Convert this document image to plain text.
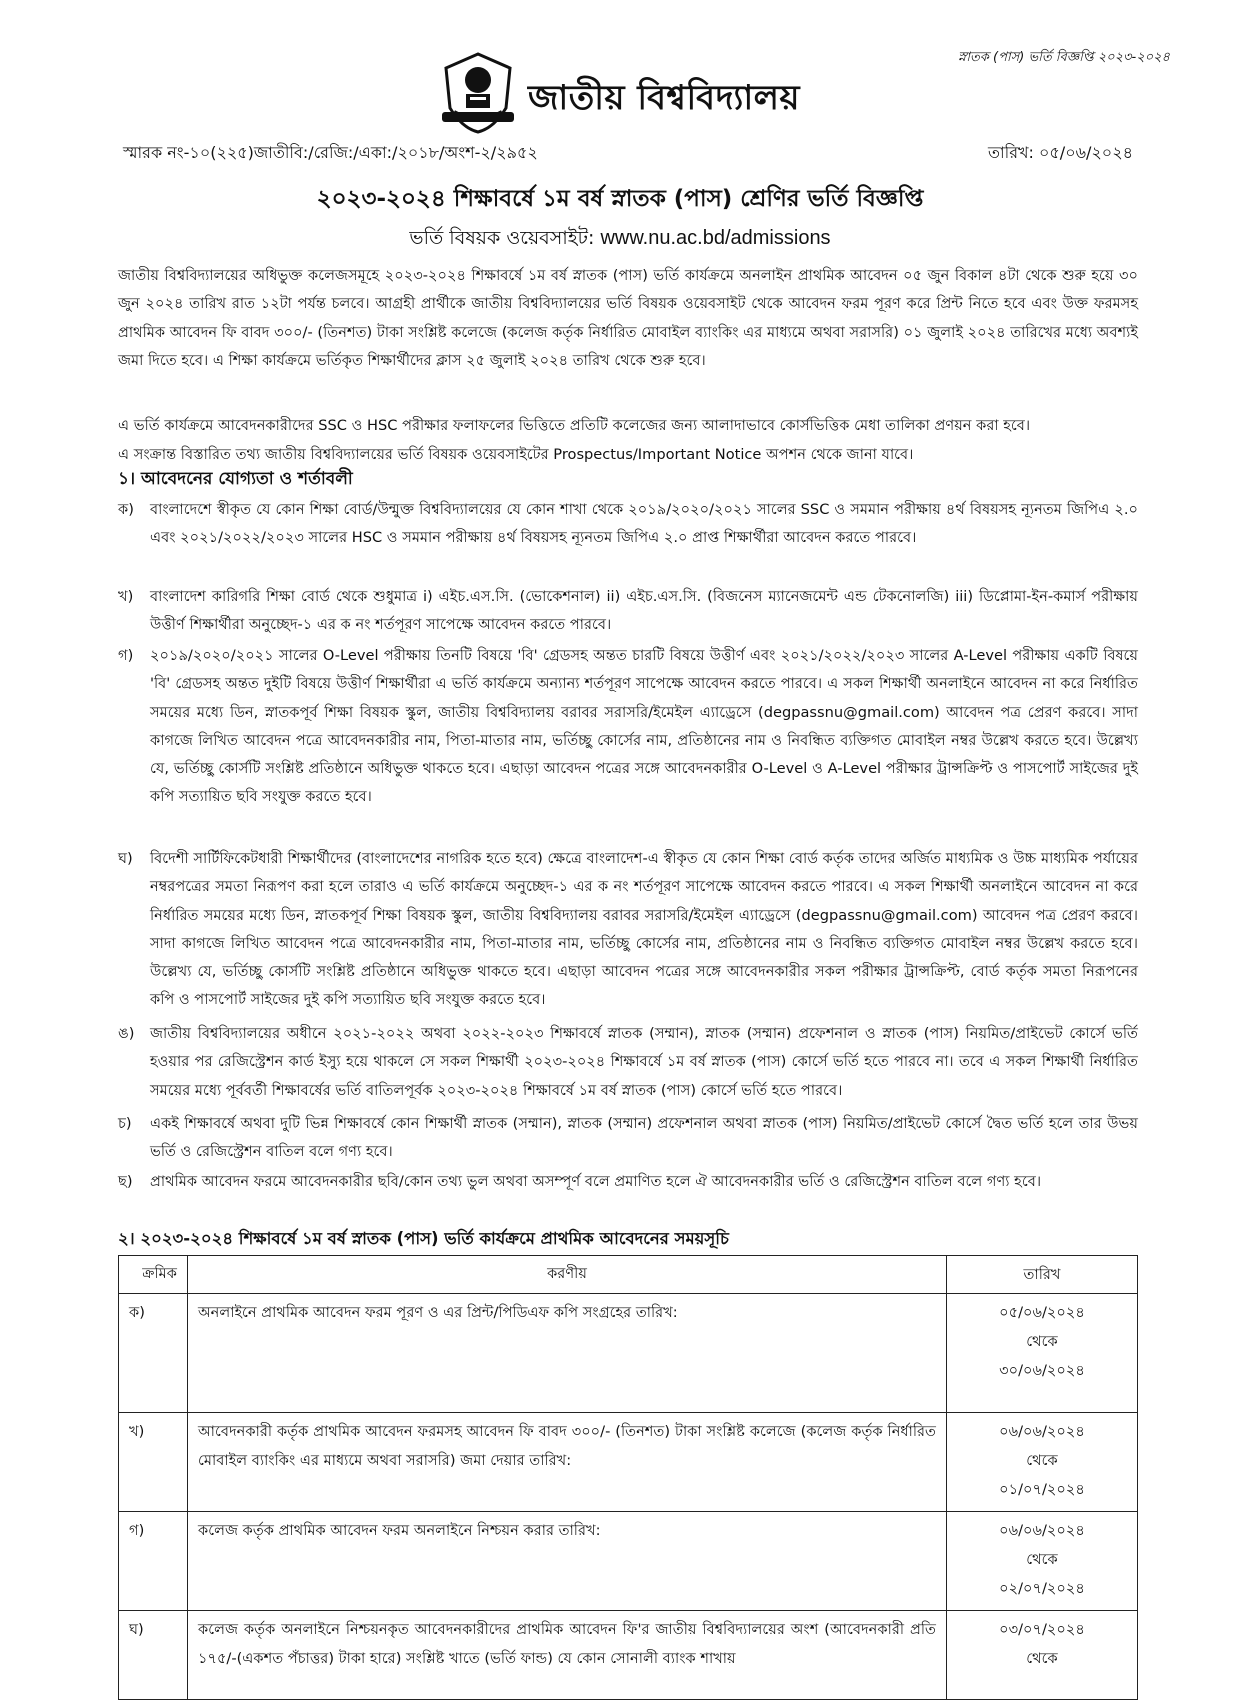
স্নাতক (পাস) ভর্তি বিজ্ঞপ্তি ২০২৩-২০২৪
জাতীয় বিশ্ববিদ্যালয়
স্মারক নং-১০(২২৫)জাতীবি:/রেজি:/একা:/২০১৮/অংশ-২/২৯৫২	তারিখ: ০৫/০৬/২০২৪
২০২৩-২০২৪ শিক্ষাবর্ষে ১ম বর্ষ স্নাতক (পাস) শ্রেণির ভর্তি বিজ্ঞপ্তি
ভর্তি বিষয়ক ওয়েবসাইট: www.nu.ac.bd/admissions
জাতীয় বিশ্ববিদ্যালয়ের অধিভুক্ত কলেজসমূহে ২০২৩-২০২৪ শিক্ষাবর্ষে ১ম বর্ষ স্নাতক (পাস) ভর্তি কার্যক্রমে অনলাইন প্রাথমিক আবেদন ০৫ জুন বিকাল ৪টা থেকে শুরু হয়ে ৩০ জুন ২০২৪ তারিখ রাত ১২টা পর্যন্ত চলবে। আগ্রহী প্রার্থীকে জাতীয় বিশ্ববিদ্যালয়ের ভর্তি বিষয়ক ওয়েবসাইট থেকে আবেদন ফরম পূরণ করে প্রিন্ট নিতে হবে এবং উক্ত ফরমসহ প্রাথমিক আবেদন ফি বাবদ ৩০০/- (তিনশত) টাকা সংশ্লিষ্ট কলেজে (কলেজ কর্তৃক নির্ধারিত মোবাইল ব্যাংকিং এর মাধ্যমে অথবা সরাসরি) ০১ জুলাই ২০২৪ তারিখের মধ্যে অবশ্যই জমা দিতে হবে। এ শিক্ষা কার্যক্রমে ভর্তিকৃত শিক্ষার্থীদের ক্লাস ২৫ জুলাই ২০২৪ তারিখ থেকে শুরু হবে।
এ ভর্তি কার্যক্রমে আবেদনকারীদের SSC ও HSC পরীক্ষার ফলাফলের ভিত্তিতে প্রতিটি কলেজের জন্য আলাদাভাবে কোর্সভিত্তিক মেধা তালিকা প্রণয়ন করা হবে।
এ সংক্রান্ত বিস্তারিত তথ্য জাতীয় বিশ্ববিদ্যালয়ের ভর্তি বিষয়ক ওয়েবসাইটের Prospectus/Important Notice অপশন থেকে জানা যাবে।
১। আবেদনের যোগ্যতা ও শর্তাবলী
ক)	বাংলাদেশে স্বীকৃত যে কোন শিক্ষা বোর্ড/উন্মুক্ত বিশ্ববিদ্যালয়ের যে কোন শাখা থেকে ২০১৯/২০২০/২০২১ সালের SSC ও সমমান পরীক্ষায় ৪র্থ বিষয়সহ ন্যূনতম জিপিএ ২.০ এবং ২০২১/২০২২/২০২৩ সালের HSC ও সমমান পরীক্ষায় ৪র্থ বিষয়সহ ন্যূনতম জিপিএ ২.০ প্রাপ্ত শিক্ষার্থীরা আবেদন করতে পারবে।
খ)	বাংলাদেশ কারিগরি শিক্ষা বোর্ড থেকে শুধুমাত্র i) এইচ.এস.সি. (ভোকেশনাল) ii) এইচ.এস.সি. (বিজনেস ম্যানেজমেন্ট এন্ড টেকনোলজি) iii) ডিপ্লোমা-ইন-কমার্স পরীক্ষায় উত্তীর্ণ শিক্ষার্থীরা অনুচ্ছেদ-১ এর ক নং শর্তপূরণ সাপেক্ষে আবেদন করতে পারবে।
গ)	২০১৯/২০২০/২০২১ সালের O-Level পরীক্ষায় তিনটি বিষয়ে 'বি' গ্রেডসহ অন্তত চারটি বিষয়ে উত্তীর্ণ এবং ২০২১/২০২২/২০২৩ সালের A-Level পরীক্ষায় একটি বিষয়ে 'বি' গ্রেডসহ অন্তত দুইটি বিষয়ে উত্তীর্ণ শিক্ষার্থীরা এ ভর্তি কার্যক্রমে অন্যান্য শর্তপূরণ সাপেক্ষে আবেদন করতে পারবে। এ সকল শিক্ষার্থী অনলাইনে আবেদন না করে নির্ধারিত সময়ের মধ্যে ডিন, স্নাতকপূর্ব শিক্ষা বিষয়ক স্কুল, জাতীয় বিশ্ববিদ্যালয় বরাবর সরাসরি/ইমেইল এ্যাড্রেসে (degpassnu@gmail.com) আবেদন পত্র প্রেরণ করবে। সাদা কাগজে লিখিত আবেদন পত্রে আবেদনকারীর নাম, পিতা-মাতার নাম, ভর্তিচ্ছু কোর্সের নাম, প্রতিষ্ঠানের নাম ও নিবন্ধিত ব্যক্তিগত মোবাইল নম্বর উল্লেখ করতে হবে। উল্লেখ্য যে, ভর্তিচ্ছু কোর্সটি সংশ্লিষ্ট প্রতিষ্ঠানে অধিভুক্ত থাকতে হবে। এছাড়া আবেদন পত্রের সঙ্গে আবেদনকারীর O-Level ও A-Level পরীক্ষার ট্রান্সক্রিপ্ট ও পাসপোর্ট সাইজের দুই কপি সত্যায়িত ছবি সংযুক্ত করতে হবে।
ঘ)	বিদেশী সার্টিফিকেটধারী শিক্ষার্থীদের (বাংলাদেশের নাগরিক হতে হবে) ক্ষেত্রে বাংলাদেশ-এ স্বীকৃত যে কোন শিক্ষা বোর্ড কর্তৃক তাদের অর্জিত মাধ্যমিক ও উচ্চ মাধ্যমিক পর্যায়ের নম্বরপত্রের সমতা নিরূপণ করা হলে তারাও এ ভর্তি কার্যক্রমে অনুচ্ছেদ-১ এর ক নং শর্তপূরণ সাপেক্ষে আবেদন করতে পারবে। এ সকল শিক্ষার্থী অনলাইনে আবেদন না করে নির্ধারিত সময়ের মধ্যে ডিন, স্নাতকপূর্ব শিক্ষা বিষয়ক স্কুল, জাতীয় বিশ্ববিদ্যালয় বরাবর সরাসরি/ইমেইল এ্যাড্রেসে (degpassnu@gmail.com) আবেদন পত্র প্রেরণ করবে। সাদা কাগজে লিখিত আবেদন পত্রে আবেদনকারীর নাম, পিতা-মাতার নাম, ভর্তিচ্ছু কোর্সের নাম, প্রতিষ্ঠানের নাম ও নিবন্ধিত ব্যক্তিগত মোবাইল নম্বর উল্লেখ করতে হবে। উল্লেখ্য যে, ভর্তিচ্ছু কোর্সটি সংশ্লিষ্ট প্রতিষ্ঠানে অধিভুক্ত থাকতে হবে। এছাড়া আবেদন পত্রের সঙ্গে আবেদনকারীর সকল পরীক্ষার ট্রান্সক্রিপ্ট, বোর্ড কর্তৃক সমতা নিরূপনের কপি ও পাসপোর্ট সাইজের দুই কপি সত্যায়িত ছবি সংযুক্ত করতে হবে।
ঙ)	জাতীয় বিশ্ববিদ্যালয়ের অধীনে ২০২১-২০২২ অথবা ২০২২-২০২৩ শিক্ষাবর্ষে স্নাতক (সম্মান), স্নাতক (সম্মান) প্রফেশনাল ও স্নাতক (পাস) নিয়মিত/প্রাইভেট কোর্সে ভর্তি হওয়ার পর রেজিস্ট্রেশন কার্ড ইস্যু হয়ে থাকলে সে সকল শিক্ষার্থী ২০২৩-২০২৪ শিক্ষাবর্ষে ১ম বর্ষ স্নাতক (পাস) কোর্সে ভর্তি হতে পারবে না। তবে এ সকল শিক্ষার্থী নির্ধারিত সময়ের মধ্যে পূর্ববর্তী শিক্ষাবর্ষের ভর্তি বাতিলপূর্বক ২০২৩-২০২৪ শিক্ষাবর্ষে ১ম বর্ষ স্নাতক (পাস) কোর্সে ভর্তি হতে পারবে।
চ)	একই শিক্ষাবর্ষে অথবা দুটি ভিন্ন শিক্ষাবর্ষে কোন শিক্ষার্থী স্নাতক (সম্মান), স্নাতক (সম্মান) প্রফেশনাল অথবা স্নাতক (পাস) নিয়মিত/প্রাইভেট কোর্সে দ্বৈত ভর্তি হলে তার উভয় ভর্তি ও রেজিস্ট্রেশন বাতিল বলে গণ্য হবে।
ছ)	প্রাথমিক আবেদন ফরমে আবেদনকারীর ছবি/কোন তথ্য ভুল অথবা অসম্পূর্ণ বলে প্রমাণিত হলে ঐ আবেদনকারীর ভর্তি ও রেজিস্ট্রেশন বাতিল বলে গণ্য হবে।
২। ২০২৩-২০২৪ শিক্ষাবর্ষে ১ম বর্ষ স্নাতক (পাস) ভর্তি কার্যক্রমে প্রাথমিক আবেদনের সময়সূচি
ক্রমিক	করণীয়	তারিখ
ক)	অনলাইনে প্রাথমিক আবেদন ফরম পূরণ ও এর প্রিন্ট/পিডিএফ কপি সংগ্রহের তারিখ:	০৫/০৬/২০২৪
থেকে
৩০/০৬/২০২৪

খ)	আবেদনকারী কর্তৃক প্রাথমিক আবেদন ফরমসহ আবেদন ফি বাবদ ৩০০/- (তিনশত) টাকা সংশ্লিষ্ট কলেজে (কলেজ কর্তৃক নির্ধারিত মোবাইল ব্যাংকিং এর মাধ্যমে অথবা সরাসরি) জমা দেয়ার তারিখ:	০৬/০৬/২০২৪
থেকে
০১/০৭/২০২৪

গ)	কলেজ কর্তৃক প্রাথমিক আবেদন ফরম অনলাইনে নিশ্চয়ন করার তারিখ:	০৬/০৬/২০২৪
থেকে
০২/০৭/২০২৪

ঘ)	কলেজ কর্তৃক অনলাইনে নিশ্চয়নকৃত আবেদনকারীদের প্রাথমিক আবেদন ফি'র জাতীয় বিশ্ববিদ্যালয়ের অংশ (আবেদনকারী প্রতি ১৭৫/-(একশত পঁচাত্তর) টাকা হারে) সংশ্লিষ্ট খাতে (ভর্তি ফান্ড) যে কোন সোনালী ব্যাংক শাখায়	০৩/০৭/২০২৪
থেকে
